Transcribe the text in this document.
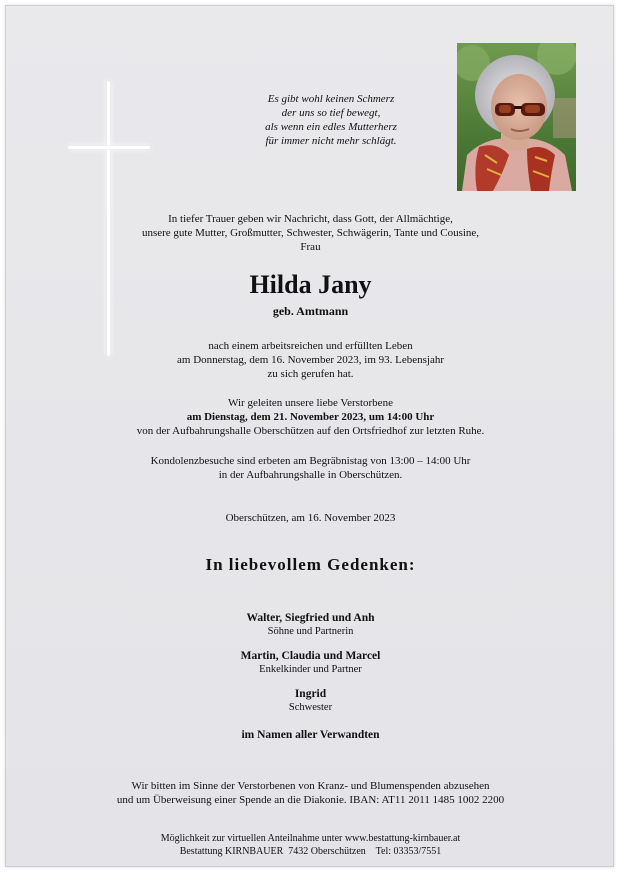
Es gibt wohl keinen Schmerz
der uns so tief bewegt,
als wenn ein edles Mutterherz
für immer nicht mehr schlägt.
In tiefer Trauer geben wir Nachricht, dass Gott, der Allmächtige,
unsere gute Mutter, Großmutter, Schwester, Schwägerin, Tante und Cousine,
Frau
Hilda Jany
geb. Amtmann
nach einem arbeitsreichen und erfüllten Leben
am Donnerstag, dem 16. November 2023, im 93. Lebensjahr
zu sich gerufen hat.
Wir geleiten unsere liebe Verstorbene
am Dienstag, dem 21. November 2023, um 14:00 Uhr
von der Aufbahrungshalle Oberschützen auf den Ortsfriedhof zur letzten Ruhe.
Kondolenzbesuche sind erbeten am Begräbnistag von 13:00 – 14:00 Uhr
in der Aufbahrungshalle in Oberschützen.
Oberschützen, am 16. November 2023
In liebevollem Gedenken:
Walter, Siegfried und Anh
Söhne und Partnerin
Martin, Claudia und Marcel
Enkelkinder und Partner
Ingrid
Schwester
im Namen aller Verwandten
Wir bitten im Sinne der Verstorbenen von Kranz- und Blumenspenden abzusehen
und um Überweisung einer Spende an die Diakonie. IBAN: AT11 2011 1485 1002 2200
Möglichkeit zur virtuellen Anteilnahme unter www.bestattung-kirnbauer.at
Bestattung KIRNBAUER  7432 Oberschützen    Tel: 03353/7551
